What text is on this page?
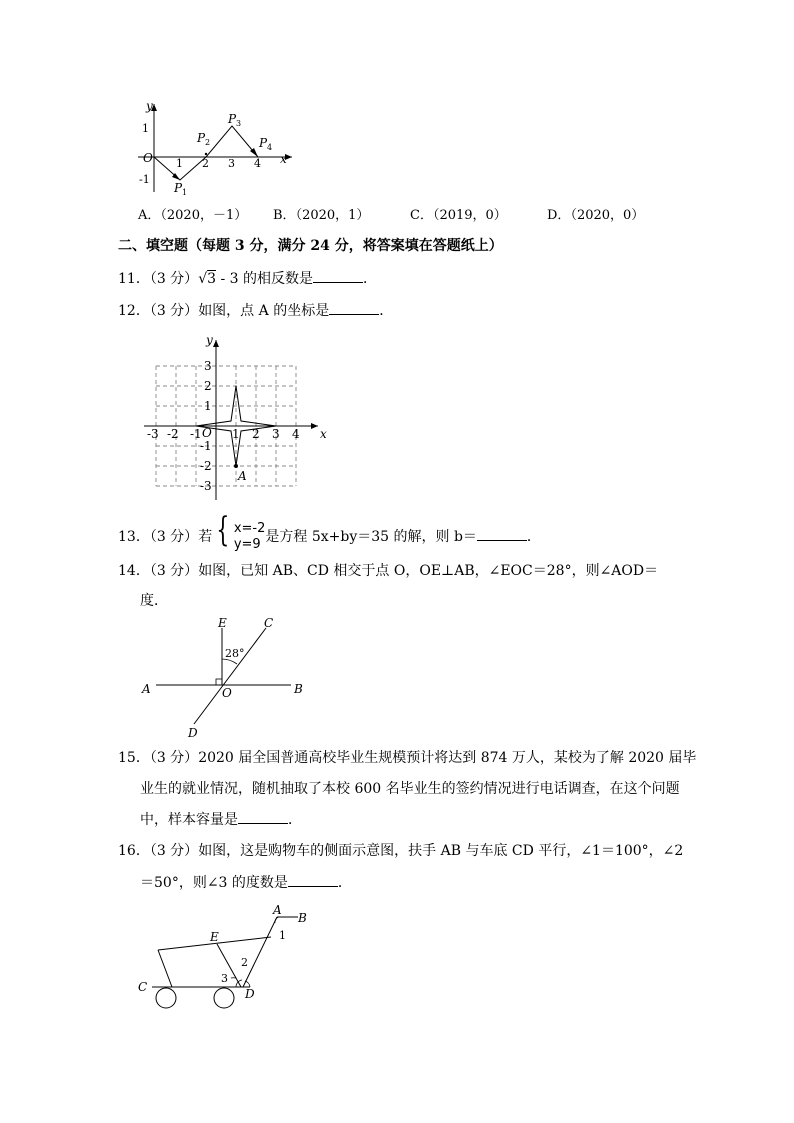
y
x
O 1 2 3 4
1
-1
P 1
P 2
P 3
P 4
A．（2020，－1） B．（2020，1）	C．（2019，0）	D．（2020，0）
二、填空题（每题 3 分，满分 24 分，将答案填在答题纸上）
11．（3 分）√3 - 3 的相反数是	．
12．（3 分）如图，点 A 的坐标是	．
y
x
O
-3 -2 -1	1 2 3 4
3
2
1
-1
-2
-3
A
13．（3 分）若 { x=-2
y=9 是方程 5x+by＝35 的解，则 b＝	．
14．（3 分）如图，已知 AB、CD 相交于点 O，OE⊥AB，∠EOC＝28°，则∠AOD＝
度．
E	C
A	O	B
D
28°
15．（3 分）2020 届全国普通高校毕业生规模预计将达到 874 万人，某校为了解 2020 届毕
业生的就业情况，随机抽取了本校 600 名毕业生的签约情况进行电话调查，在这个问题
中，样本容量是	．
16．（3 分）如图，这是购物车的侧面示意图，扶手 AB 与车底 CD 平行，∠1＝100°，∠2
＝50°，则∠3 的度数是	．
A
B
1
E
2
3
C	D
